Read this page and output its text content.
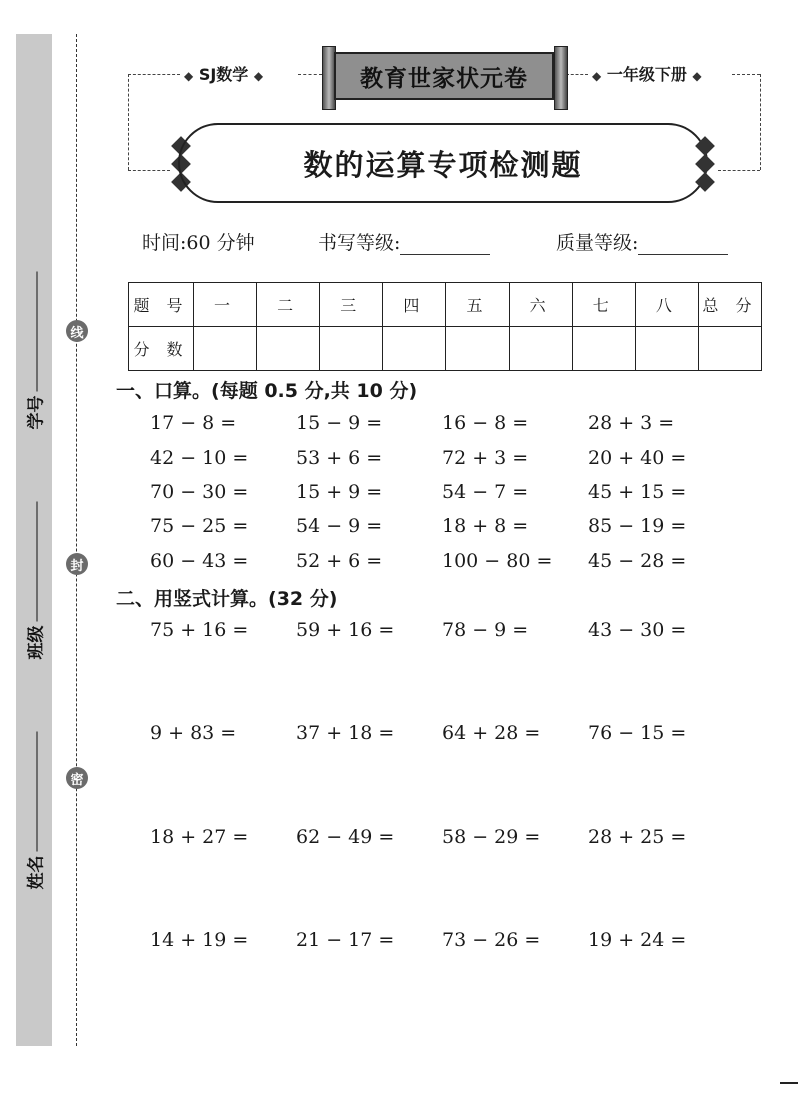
学号
班级
姓名
线
封
密
◆ SJ数学 ◆	教育世家状元卷	◆ 一年级下册 ◆
数的运算专项检测题
时间:60 分钟	书写等级:	质量等级:
题 号	一	二	三	四	五	六	七	八	总 分
分 数									
一、口算。(每题 0.5 分,共 10 分)
17 − 8 =	15 − 9 =	16 − 8 =	28 + 3 =
42 − 10 =	53 + 6 =	72 + 3 =	20 + 40 =
70 − 30 =	15 + 9 =	54 − 7 =	45 + 15 =
75 − 25 =	54 − 9 =	18 + 8 =	85 − 19 =
60 − 43 =	52 + 6 =	100 − 80 = 45 − 28 =
二、用竖式计算。(32 分)
75 + 16 =	59 + 16 =	78 − 9 =	43 − 30 =
9 + 83 =	37 + 18 =	64 + 28 =	76 − 15 =
18 + 27 =	62 − 49 =	58 − 29 =	28 + 25 =
14 + 19 =	21 − 17 =	73 − 26 =	19 + 24 =
